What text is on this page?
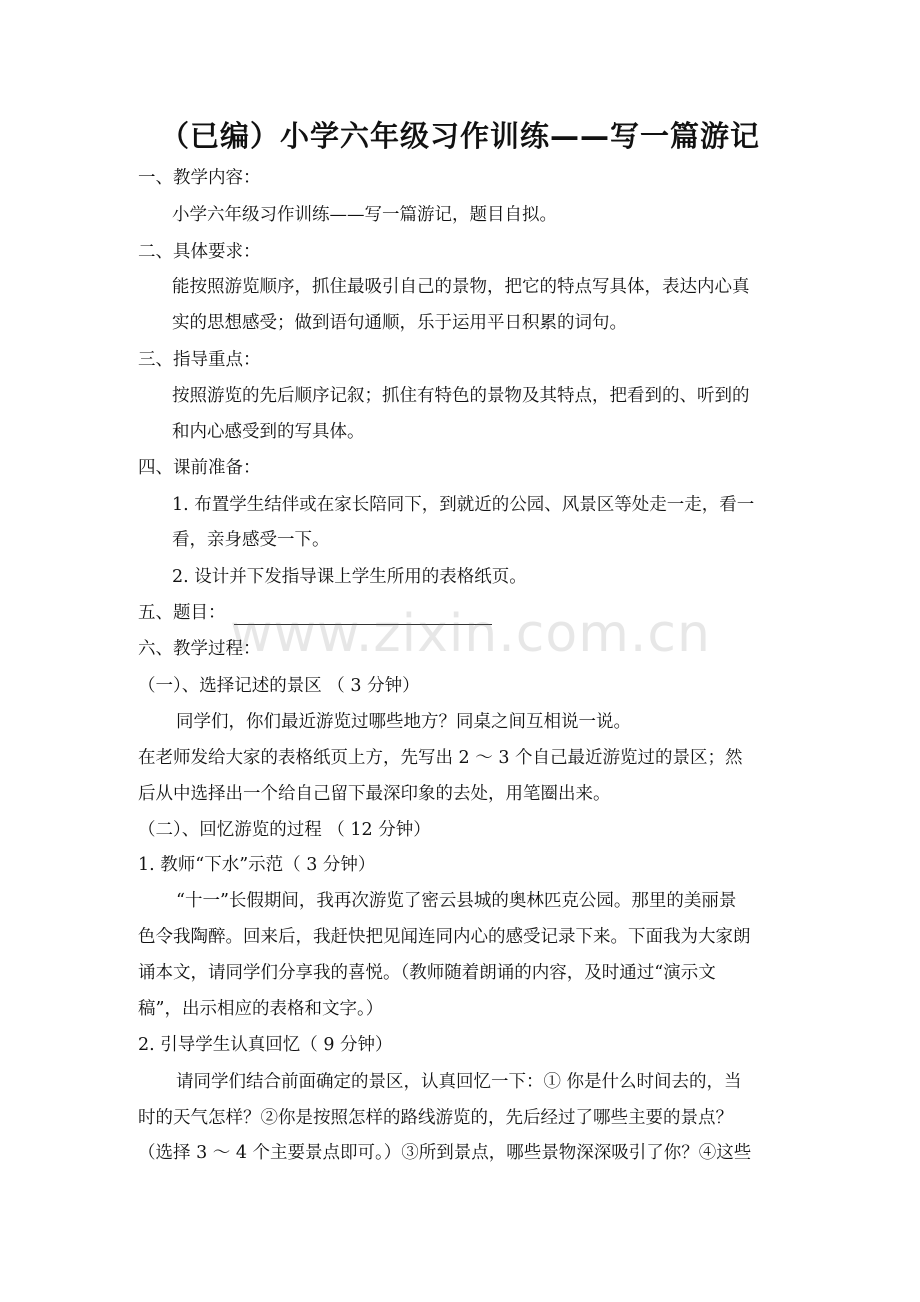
（已编）小学六年级习作训练——写一篇游记
一、教学内容：
小学六年级习作训练——写一篇游记，题目自拟。
二、具体要求：
能按照游览顺序，抓住最吸引自己的景物，把它的特点写具体，表达内心真
实的思想感受；做到语句通顺，乐于运用平日积累的词句。
三、指导重点：
按照游览的先后顺序记叙；抓住有特色的景物及其特点，把看到的、听到的
和内心感受到的写具体。
四、课前准备：
1. 布置学生结伴或在家长陪同下，到就近的公园、风景区等处走一走，看一
看，亲身感受一下。
2. 设计并下发指导课上学生所用的表格纸页。
五、题目：
六、教学过程：
（一）、选择记述的景区 （ 3 分钟）
同学们，你们最近游览过哪些地方？同桌之间互相说一说。
在老师发给大家的表格纸页上方，先写出 2 ～ 3 个自己最近游览过的景区；然
后从中选择出一个给自己留下最深印象的去处，用笔圈出来。
（二）、回忆游览的过程 （ 12 分钟）
1. 教师“下水”示范（ 3 分钟）
“十一”长假期间，我再次游览了密云县城的奥林匹克公园。那里的美丽景
色令我陶醉。回来后，我赶快把见闻连同内心的感受记录下来。下面我为大家朗
诵本文，请同学们分享我的喜悦。（教师随着朗诵的内容，及时通过“演示文
稿”，出示相应的表格和文字。）
2. 引导学生认真回忆（ 9 分钟）
请同学们结合前面确定的景区，认真回忆一下：① 你是什么时间去的，当
时的天气怎样？②你是按照怎样的路线游览的，先后经过了哪些主要的景点？
（选择 3 ～ 4 个主要景点即可。）③所到景点，哪些景物深深吸引了你？④这些
www.zixin.com.cn
